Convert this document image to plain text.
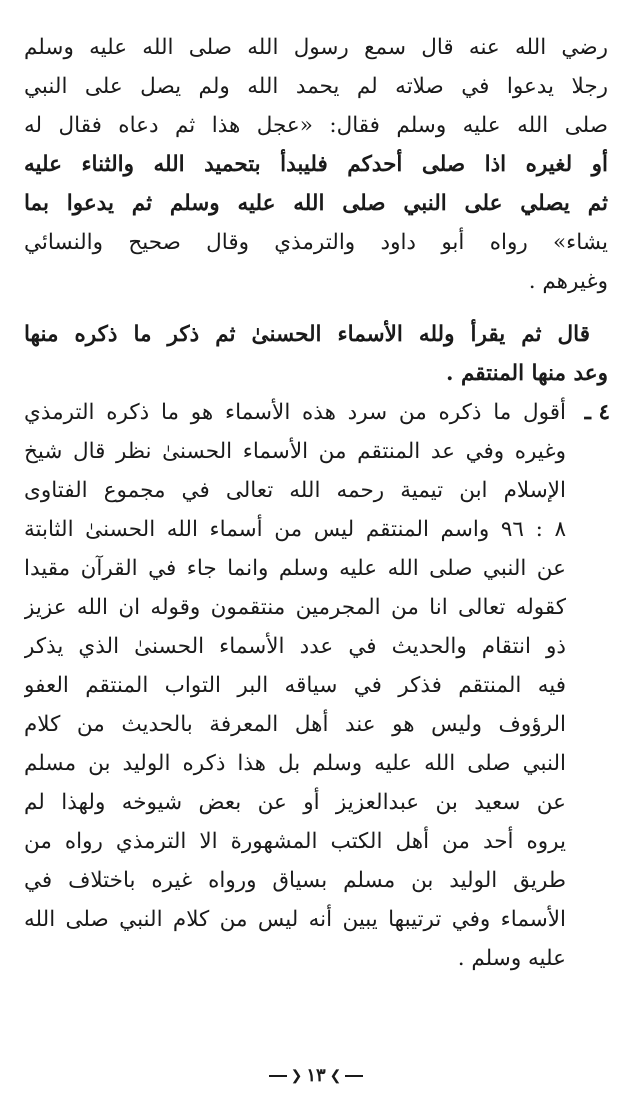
رضي الله عنه قال سمع رسول الله صلى الله عليه وسلم
رجلا يدعوا في صلاته لم يحمد الله ولم يصل على النبي
صلى الله عليه وسلم فقال: «عجل هذا ثم دعاه فقال له
أو لغيره اذا صلى أحدكم فليبدأ بتحميد الله والثناء عليه
ثم يصلي على النبي صلى الله عليه وسلم ثم يدعوا بما
يشاء» رواه أبو داود والترمذي وقال صحيح والنسائي
وغيرهم .
قال ثم يقرأ ولله الأسماء الحسنىٰ ثم ذكر ما ذكره منها
وعد منها المنتقم .
٤ ـ
أقول ما ذكره من سرد هذه الأسماء هو ما ذكره الترمذي
وغيره وفي عد المنتقم من الأسماء الحسنىٰ نظر قال شيخ
الإسلام ابن تيمية رحمه الله تعالى في مجموع الفتاوى
٨ : ٩٦ واسم المنتقم ليس من أسماء الله الحسنىٰ الثابتة
عن النبي صلى الله عليه وسلم وانما جاء في القرآن مقيدا
كقوله تعالى انا من المجرمين منتقمون وقوله ان الله عزيز
ذو انتقام والحديث في عدد الأسماء الحسنىٰ الذي يذكر
فيه المنتقم فذكر في سياقه البر التواب المنتقم العفو
الرؤوف وليس هو عند أهل المعرفة بالحديث من كلام
النبي صلى الله عليه وسلم بل هذا ذكره الوليد بن مسلم
عن سعيد بن عبدالعزيز أو عن بعض شيوخه ولهذا لم
يروه أحد من أهل الكتب المشهورة الا الترمذي رواه من
طريق الوليد بن مسلم بسياق ورواه غيره باختلاف في
الأسماء وفي ترتيبها يبين أنه ليس من كلام النبي صلى الله
عليه وسلم .
❯
١٣
❮
